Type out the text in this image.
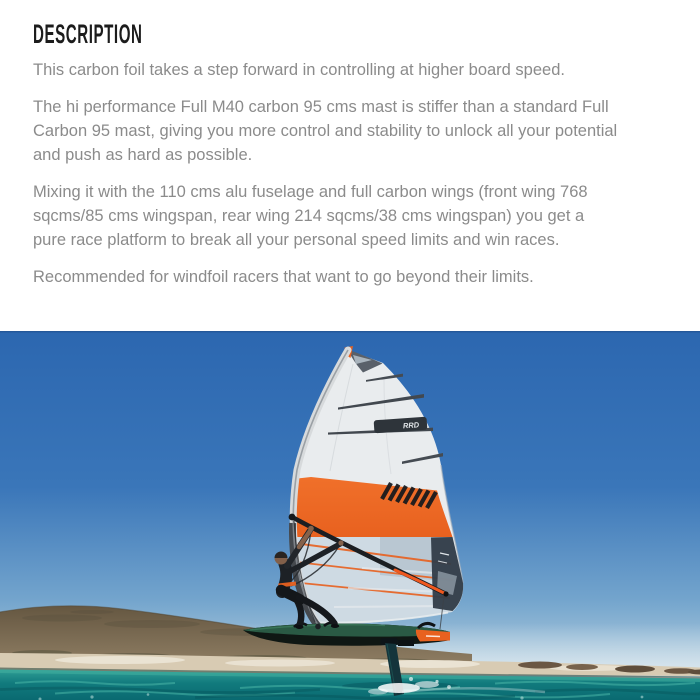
DESCRIPTION

This carbon foil takes a step forward in controlling at higher board speed.

The hi performance Full M40 carbon 95 cms mast is stiffer than a standard Full Carbon 95 mast, giving you more control and stability to unlock all your potential and push as hard as possible.

Mixing it with the 110 cms alu fuselage and full carbon wings (front wing 768 sqcms/85 cms wingspan, rear wing 214 sqcms/38 cms wingspan) you get a pure race platform to break all your personal speed limits and win races.

Recommended for windfoil racers that want to go beyond their limits.

RRD
